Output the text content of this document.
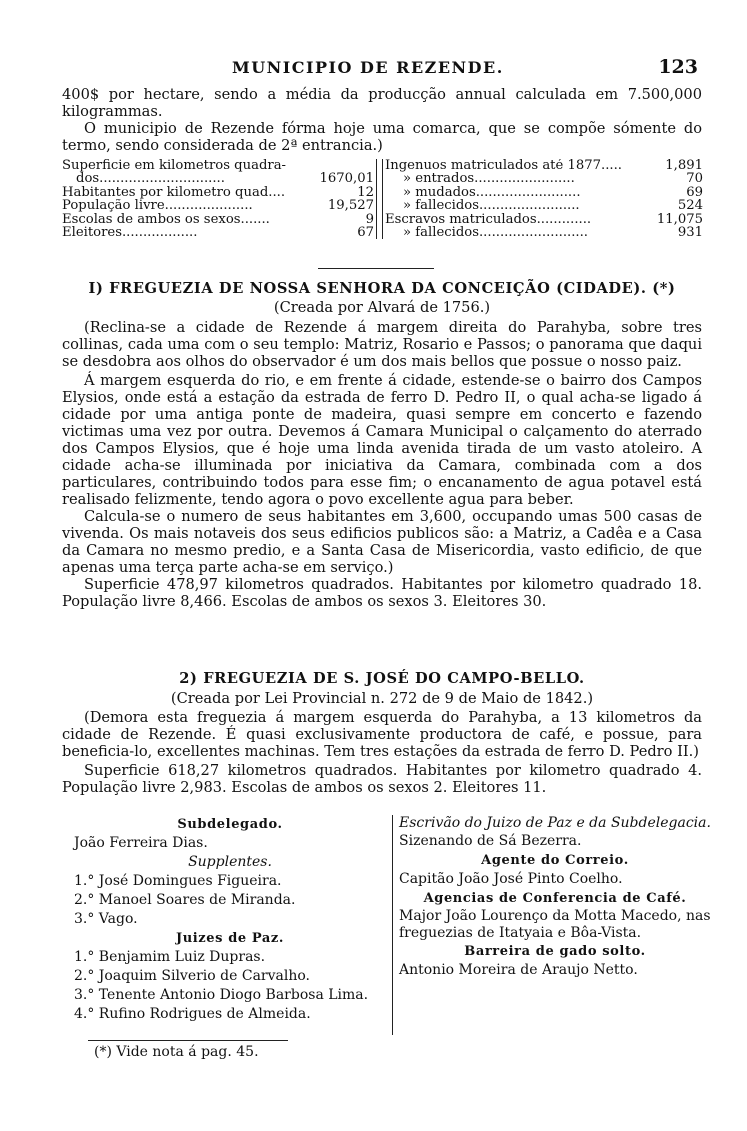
MUNICIPIO DE REZENDE.	123

400$ por hectare, sendo a média da producção annual calculada em 7.500,000 kilogrammas.

O municipio de Rezende fórma hoje uma comarca, que se compõe sómente do termo, sendo considerada de 2ª entrancia.)

Superficie em kilometros quadra-
dos..............................	1670,01
Habitantes por kilometro quad....	12
População livre.....................	19,527
Escolas de ambos os sexos.......	9
Eleitores..................	67
Ingenuos matriculados até 1877.....	1,891
» entrados........................	70
» mudados.........................	69
» fallecidos........................	524
Escravos matriculados.............	11,075
» fallecidos..........................	931
I) FREGUEZIA DE NOSSA SENHORA DA CONCEIÇÃO (CIDADE). (*)

(Creada por Alvará de 1756.)

(Reclina-se a cidade de Rezende á margem direita do Parahyba, sobre tres collinas, cada uma com o seu templo: Matriz, Rosario e Passos; o panorama que daqui se desdobra aos olhos do observador é um dos mais bellos que possue o nosso paiz.

Á margem esquerda do rio, e em frente á cidade, estende-se o bairro dos Campos Elysios, onde está a estação da estrada de ferro D. Pedro II, o qual acha-se ligado á cidade por uma antiga ponte de madeira, quasi sempre em concerto e fazendo victimas uma vez por outra. Devemos á Camara Municipal o calçamento do aterrado dos Campos Elysios, que é hoje uma linda avenida tirada de um vasto atoleiro. A cidade acha-se illuminada por iniciativa da Camara, combinada com a dos particulares, contribuindo todos para esse fim; o encanamento de agua potavel está realisado felizmente, tendo agora o povo excellente agua para beber.

Calcula-se o numero de seus habitantes em 3,600, occupando umas 500 casas de vivenda. Os mais notaveis dos seus edificios publicos são: a Matriz, a Cadêa e a Casa da Camara no mesmo predio, e a Santa Casa de Misericordia, vasto edificio, de que apenas uma terça parte acha-se em serviço.)

Superficie 478,97 kilometros quadrados. Habitantes por kilometro quadrado 18. População livre 8,466. Escolas de ambos os sexos 3. Eleitores 30.

2) FREGUEZIA DE S. JOSÉ DO CAMPO-BELLO.

(Creada por Lei Provincial n. 272 de 9 de Maio de 1842.)

(Demora esta freguezia á margem esquerda do Parahyba, a 13 kilometros da cidade de Rezende. É quasi exclusivamente productora de café, e possue, para beneficia-lo, excellentes machinas. Tem tres estações da estrada de ferro D. Pedro II.)

Superficie 618,27 kilometros quadrados. Habitantes por kilometro quadrado 4. População livre 2,983. Escolas de ambos os sexos 2. Eleitores 11.

Subdelegado.
João Ferreira Dias.
Supplentes.
1.° José Domingues Figueira.
2.° Manoel Soares de Miranda.
3.° Vago.
Juizes de Paz.
1.° Benjamim Luiz Dupras.
2.° Joaquim Silverio de Carvalho.
3.° Tenente Antonio Diogo Barbosa Lima.
4.° Rufino Rodrigues de Almeida.
Escrivão do Juizo de Paz e da Subdelegacia.
Sizenando de Sá Bezerra.
Agente do Correio.
Capitão João José Pinto Coelho.
Agencias de Conferencia de Café.
Major João Lourenço da Motta Macedo, nas freguezias de Itatyaia e Bôa-Vista.
Barreira de gado solto.
Antonio Moreira de Araujo Netto.
(*) Vide nota á pag. 45.
